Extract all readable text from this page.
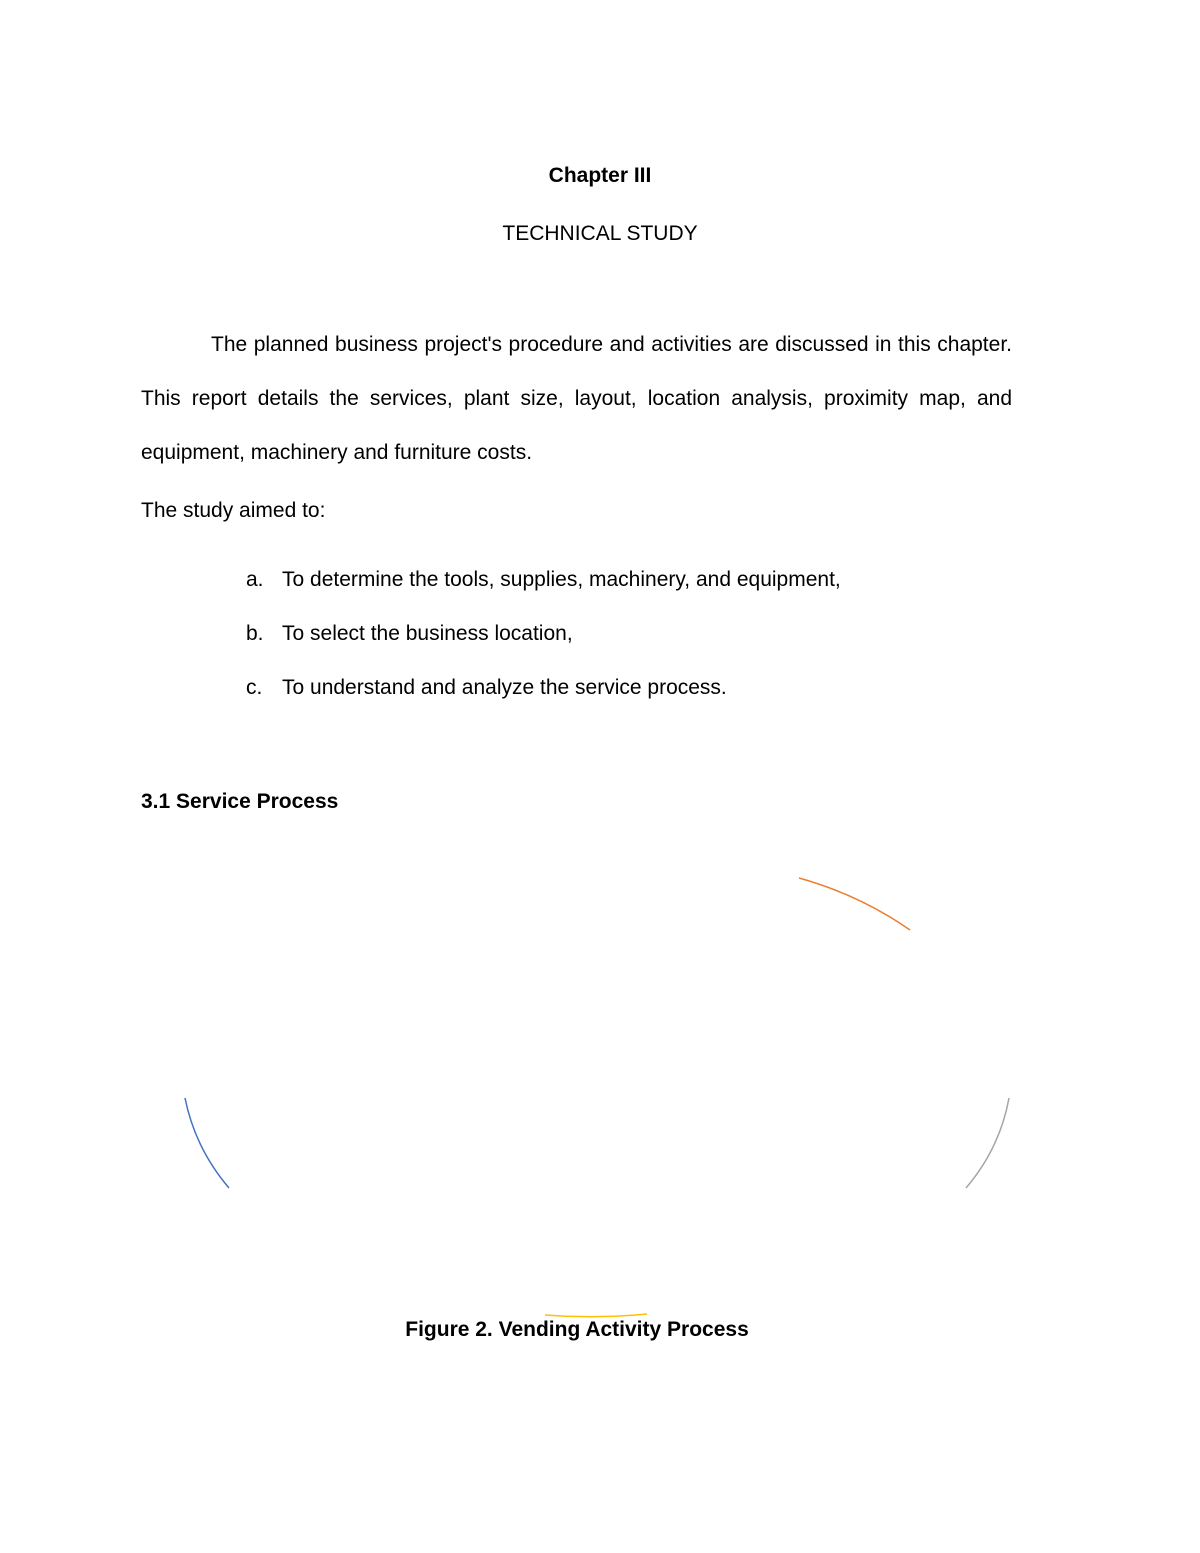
Chapter III
TECHNICAL STUDY

The planned business project's procedure and activities are discussed in this chapter. This report details the services, plant size, layout, location analysis, proximity map, and equipment, machinery and furniture costs.

The study aimed to:

a. To determine the tools, supplies, machinery, and equipment,
b. To select the business location,
c. To understand and analyze the service process.
3.1 Service Process
Figure 2. Vending Activity Process
